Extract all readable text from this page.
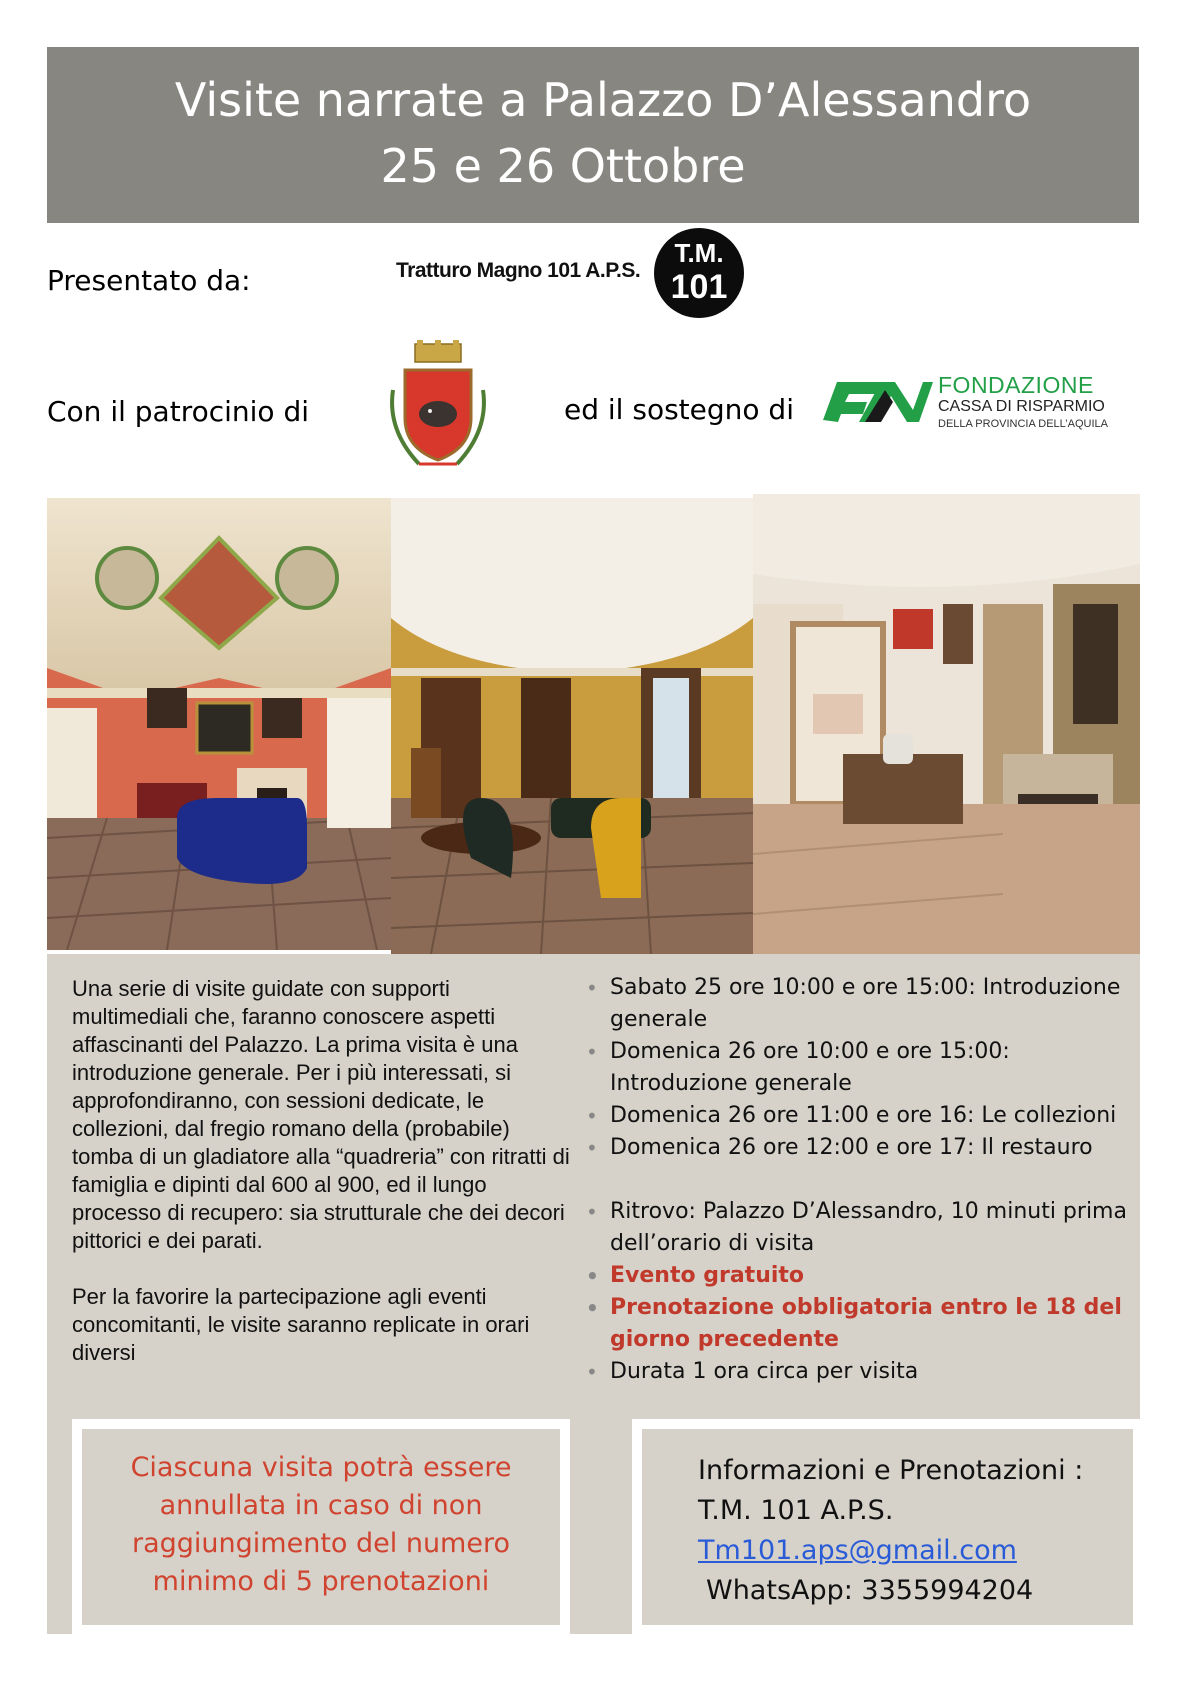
Visite narrate a Palazzo D’Alessandro
25 e 26 Ottobre
Presentato da:	Tratturo Magno 101 A.P.S.
T.M.
101
Con il patrocinio di	ed il sostegno di
FONDAZIONE
CASSA DI RISPARMIO
DELLA PROVINCIA DELL’AQUILA

Una serie di visite guidate con supporti multimediali che, faranno conoscere aspetti affascinanti del Palazzo. La prima visita è una introduzione generale. Per i più interessati, si approfondiranno, con sessioni dedicate, le collezioni, dal fregio romano della (probabile) tomba di un gladiatore alla “quadreria” con ritratti di famiglia e dipinti dal 600 al 900, ed il lungo processo di recupero: sia strutturale che dei decori pittorici e dei parati.

Per la favorire la partecipazione agli eventi concomitanti, le visite saranno replicate in orari diversi

• Sabato 25 ore 10:00 e ore 15:00: Introduzione generale
• Domenica 26 ore 10:00 e ore 15:00: Introduzione generale
• Domenica 26 ore 11:00 e ore 16: Le collezioni
• Domenica 26 ore 12:00 e ore 17: Il restauro
• Ritrovo: Palazzo D’Alessandro, 10 minuti prima dell’orario di visita
• Evento gratuito
• Prenotazione obbligatoria entro le 18 del giorno precedente
• Durata 1 ora circa per visita
Ciascuna visita potrà essere annullata in caso di non raggiungimento del numero minimo di 5 prenotazioni
Informazioni e Prenotazioni :
T.M. 101 A.P.S.
Tm101.aps@gmail.com
WhatsApp: 3355994204
